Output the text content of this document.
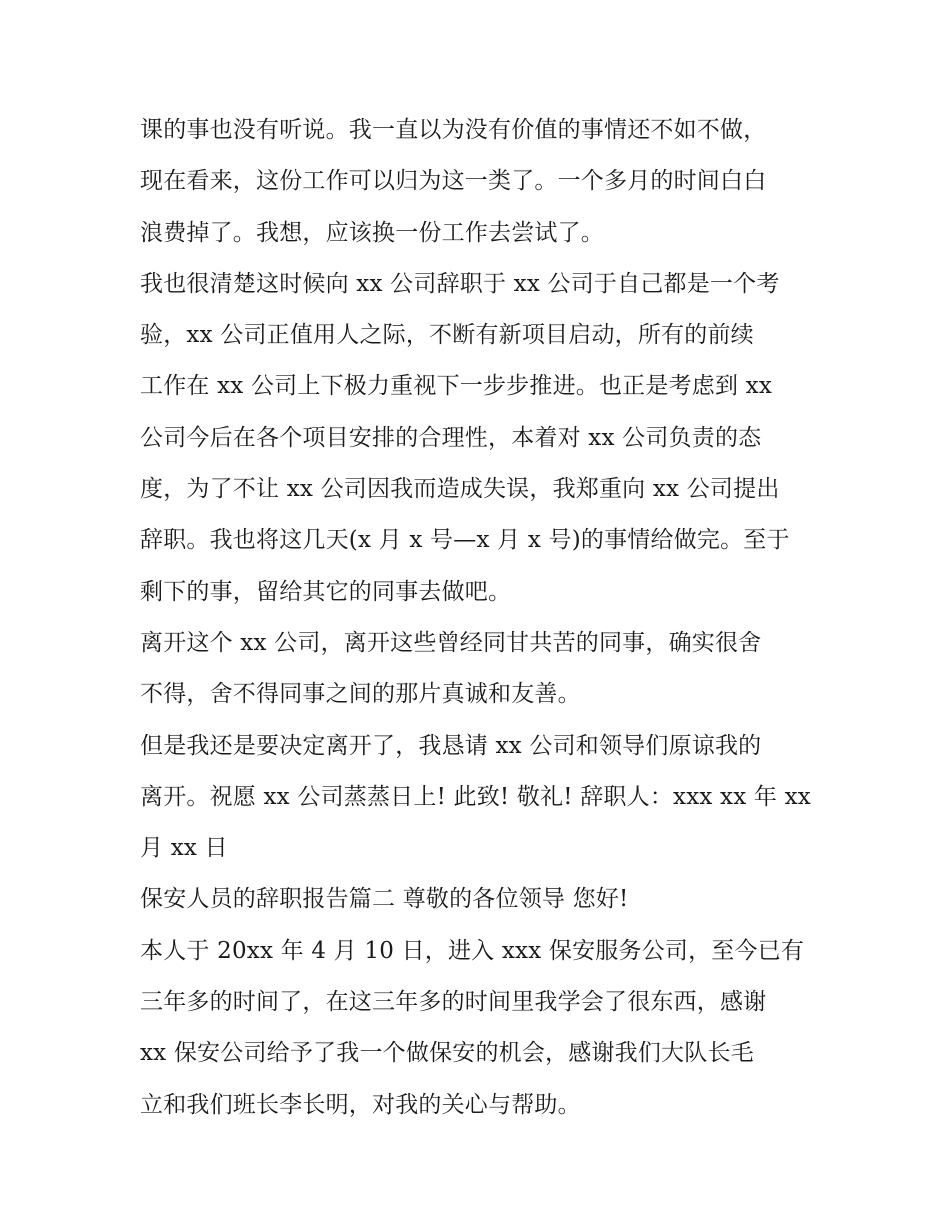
课的事也没有听说。我一直以为没有价值的事情还不如不做，
现在看来，这份工作可以归为这一类了。一个多月的时间白白
浪费掉了。我想，应该换一份工作去尝试了。
我也很清楚这时候向 xx 公司辞职于 xx 公司于自己都是一个考
验，xx 公司正值用人之际，不断有新项目启动，所有的前续
工作在 xx 公司上下极力重视下一步步推进。也正是考虑到 xx
公司今后在各个项目安排的合理性，本着对 xx 公司负责的态
度，为了不让 xx 公司因我而造成失误，我郑重向 xx 公司提出
辞职。我也将这几天(x 月 x 号—x 月 x 号)的事情给做完。至于
剩下的事，留给其它的同事去做吧。
离开这个 xx 公司，离开这些曾经同甘共苦的同事，确实很舍
不得，舍不得同事之间的那片真诚和友善。
但是我还是要决定离开了，我恳请 xx 公司和领导们原谅我的
离开。祝愿 xx 公司蒸蒸日上! 此致! 敬礼! 辞职人：xxx xx 年 xx
月 xx 日
保安人员的辞职报告篇二 尊敬的各位领导 您好!
本人于 20xx 年 4 月 10 日，进入 xxx 保安服务公司，至今已有
三年多的时间了，在这三年多的时间里我学会了很东西，感谢
xx 保安公司给予了我一个做保安的机会，感谢我们大队长毛
立和我们班长李长明，对我的关心与帮助。
